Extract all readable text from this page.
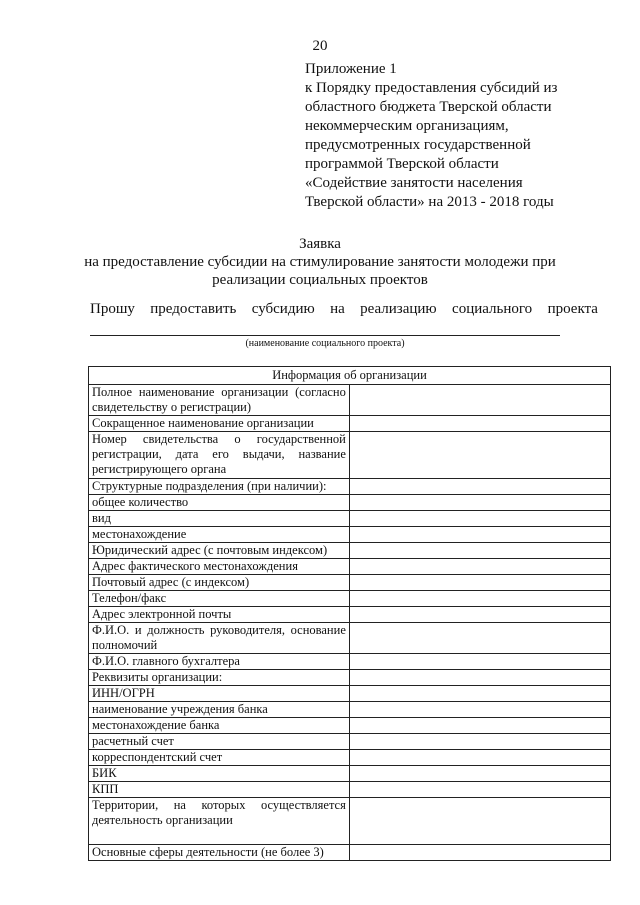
20
Приложение 1
к Порядку предоставления субсидий из
областного бюджета Тверской области
некоммерческим организациям,
предусмотренных государственной
программой Тверской области
«Содействие занятости населения
Тверской области» на 2013 - 2018 годы
Заявка
на предоставление субсидии на стимулирование занятости молодежи при
реализации социальных проектов
Прошу предоставить субсидию на реализацию социального проекта
(наименование социального проекта)
Информация об организации	
Полное наименование организации (согласно свидетельству о регистрации)	
Сокращенное наименование организации	
Номер свидетельства о государственной регистрации, дата его выдачи, название регистрирующего органа	
Структурные подразделения (при наличии):	
общее количество	
вид	
местонахождение	
Юридический адрес (с почтовым индексом)	
Адрес фактического местонахождения	
Почтовый адрес (с индексом)	
Телефон/факс	
Адрес электронной почты	
Ф.И.О. и должность руководителя, основание полномочий	
Ф.И.О. главного бухгалтера	
Реквизиты организации:	
ИНН/ОГРН	
наименование учреждения банка	
местонахождение банка	
расчетный счет	
корреспондентский счет	
БИК	
КПП	
Территории, на которых осуществляется деятельность организации	
Основные сферы деятельности (не более 3)	
